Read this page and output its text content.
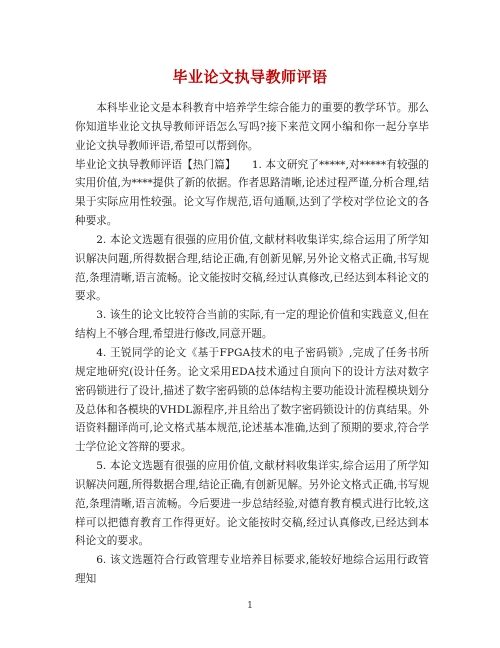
毕业论文执导教师评语

本科毕业论文是本科教育中培养学生综合能力的重要的教学环节。那么你知道毕业论文执导教师评语怎么写吗?接下来范文网小编和你一起分享毕业论文执导教师评语,希望可以帮到你。

毕业论文执导教师评语【热门篇】　　1. 本文研究了*****,对*****有较强的实用价值,为****提供了新的依据。作者思路清晰,论述过程严谨,分析合理,结果于实际应用性较强。论文写作规范,语句通顺,达到了学校对学位论文的各种要求。

2. 本论文选题有很强的应用价值,文献材料收集详实,综合运用了所学知识解决问题,所得数据合理,结论正确,有创新见解,另外论文格式正确,书写规范,条理清晰,语言流畅。论文能按时交稿,经过认真修改,已经达到本科论文的要求。

3. 该生的论文比较符合当前的实际,有一定的理论价值和实践意义,但在结构上不够合理,希望进行修改,同意开题。

4. 王锐同学的论文《基于FPGA技术的电子密码锁》,完成了任务书所规定地研究(设计任务。论文采用EDA技术通过自顶向下的设计方法对数字密码锁进行了设计,描述了数字密码锁的总体结构主要功能设计流程模块划分及总体和各模块的VHDL源程序,并且给出了数字密码锁设计的仿真结果。外语资料翻译尚可,论文格式基本规范,论述基本准确,达到了预期的要求,符合学士学位论文答辩的要求。

5. 本论文选题有很强的应用价值,文献材料收集详实,综合运用了所学知识解决问题,所得数据合理,结论正确,有创新见解。另外论文格式正确,书写规范,条理清晰,语言流畅。今后要进一步总结经验,对德育教育模式进行比较,这样可以把德育教育工作得更好。论文能按时交稿,经过认真修改,已经达到本科论文的要求。

6. 该文选题符合行政管理专业培养目标要求,能较好地综合运用行政管理知

1
